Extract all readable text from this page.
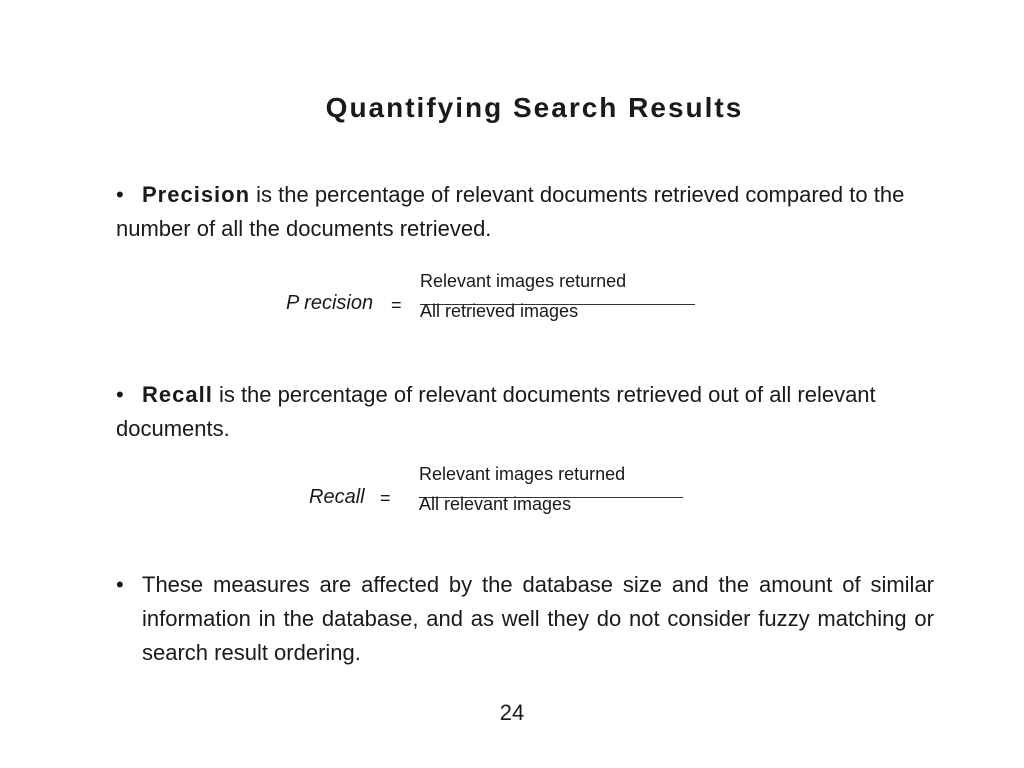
Quantifying Search Results

• Precision is the percentage of relevant documents retrieved compared to the number of all the documents retrieved.

P recision =
Relevant images returned
All retrieved images

• Recall is the percentage of relevant documents retrieved out of all relevant documents.

Recall =
Relevant images returned
All relevant images

• These measures are affected by the database size and the amount of similar information in the database, and as well they do not consider fuzzy matching or search result ordering.

24
